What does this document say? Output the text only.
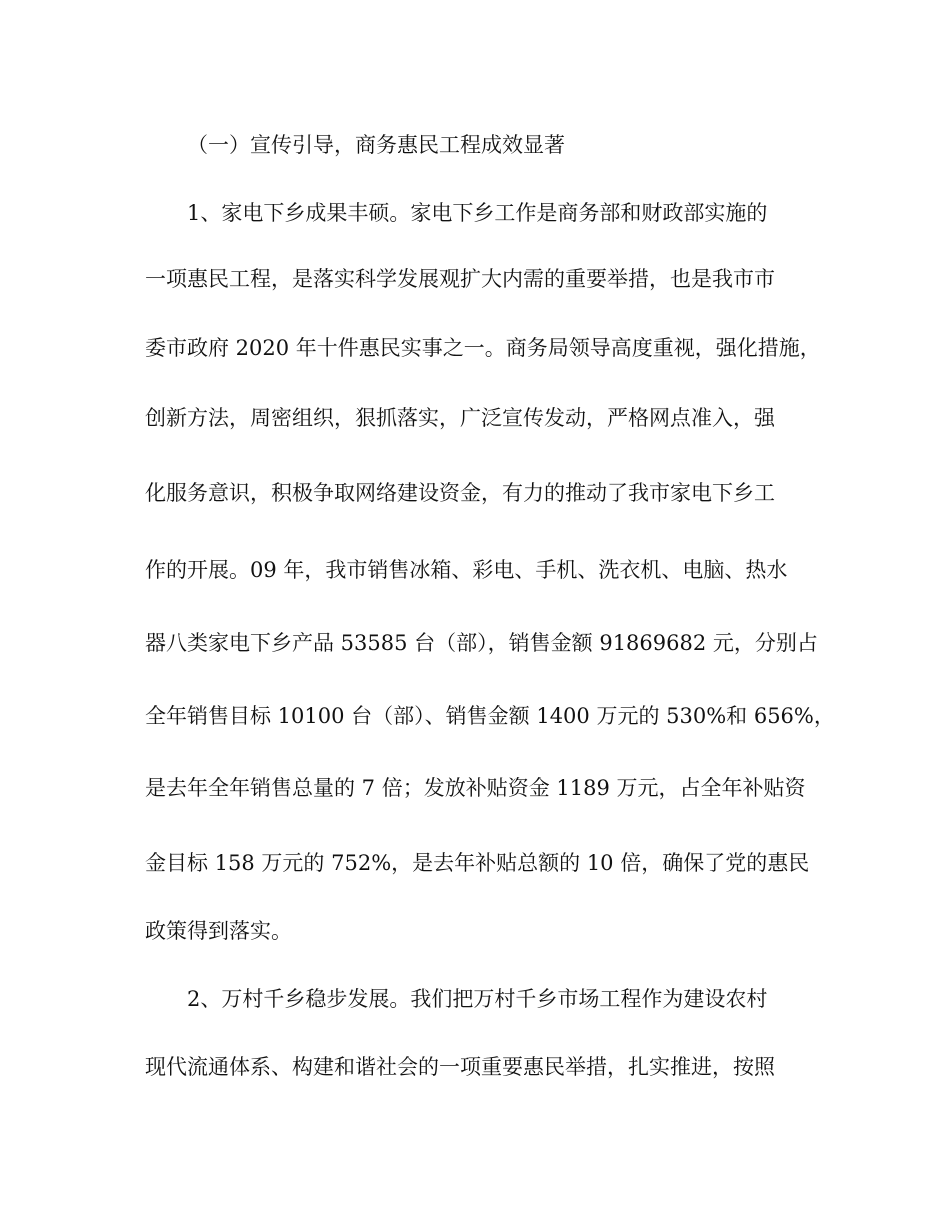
（一）宣传引导，商务惠民工程成效显著
1、家电下乡成果丰硕。家电下乡工作是商务部和财政部实施的
一项惠民工程，是落实科学发展观扩大内需的重要举措，也是我市市
委市政府 2020 年十件惠民实事之一。商务局领导高度重视，强化措施，
创新方法，周密组织，狠抓落实，广泛宣传发动，严格网点准入，强
化服务意识，积极争取网络建设资金，有力的推动了我市家电下乡工
作的开展。09 年，我市销售冰箱、彩电、手机、洗衣机、电脑、热水
器八类家电下乡产品 53585 台（部），销售金额 91869682 元，分别占
全年销售目标 10100 台（部）、销售金额 1400 万元的 530%和 656%，
是去年全年销售总量的 7 倍；发放补贴资金 1189 万元，占全年补贴资
金目标 158 万元的 752%，是去年补贴总额的 10 倍，确保了党的惠民
政策得到落实。
2、万村千乡稳步发展。我们把万村千乡市场工程作为建设农村
现代流通体系、构建和谐社会的一项重要惠民举措，扎实推进，按照
